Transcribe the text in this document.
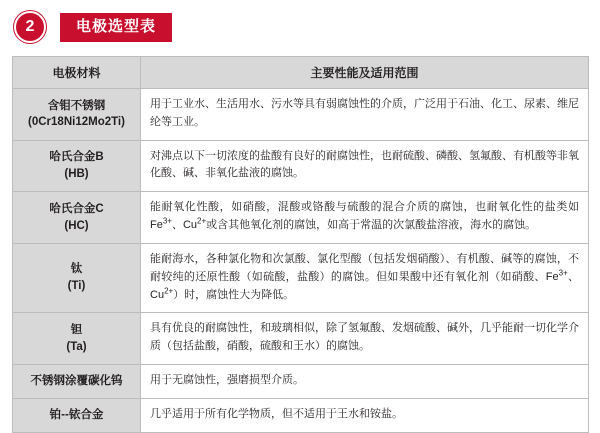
2	电极选型表
电极材料	主要性能及适用范围

含钼不锈钢
(0Cr18Ni12Mo2Ti)	用于工业水、生活用水、污水等具有弱腐蚀性的介质，广泛用于石油、化工、尿素、维尼纶等工业。

哈氏合金B
(HB)	对沸点以下一切浓度的盐酸有良好的耐腐蚀性，也耐硫酸、磷酸、氢氟酸、有机酸等非氧化酸、碱、非氧化盐液的腐蚀。

哈氏合金C
(HC)	能耐氧化性酸，如硝酸，混酸或铬酸与硫酸的混合介质的腐蚀，也耐氧化性的盐类如$Fe^{3+}$、$Cu^{2+}$或含其他氧化剂的腐蚀，如高于常温的次氯酸盐溶液，海水的腐蚀。

钛
(Ti)	能耐海水，各种氯化物和次氯酸、氯化型酸（包括发烟硝酸）、有机酸、碱等的腐蚀，不耐较纯的还原性酸（如硫酸，盐酸）的腐蚀。但如果酸中还有氧化剂（如硝酸、$Fe^{3+}$、$Cu^{2+}$）时，腐蚀性大为降低。

钽
(Ta)	具有优良的耐腐蚀性，和玻璃相似，除了氢氟酸、发烟硫酸、碱外，几乎能耐一切化学介质（包括盐酸，硝酸，硫酸和王水）的腐蚀。

不锈钢涂覆碳化钨	用于无腐蚀性，强磨损型介质。

铂--铱合金	几乎适用于所有化学物质，但不适用于王水和铵盐。
